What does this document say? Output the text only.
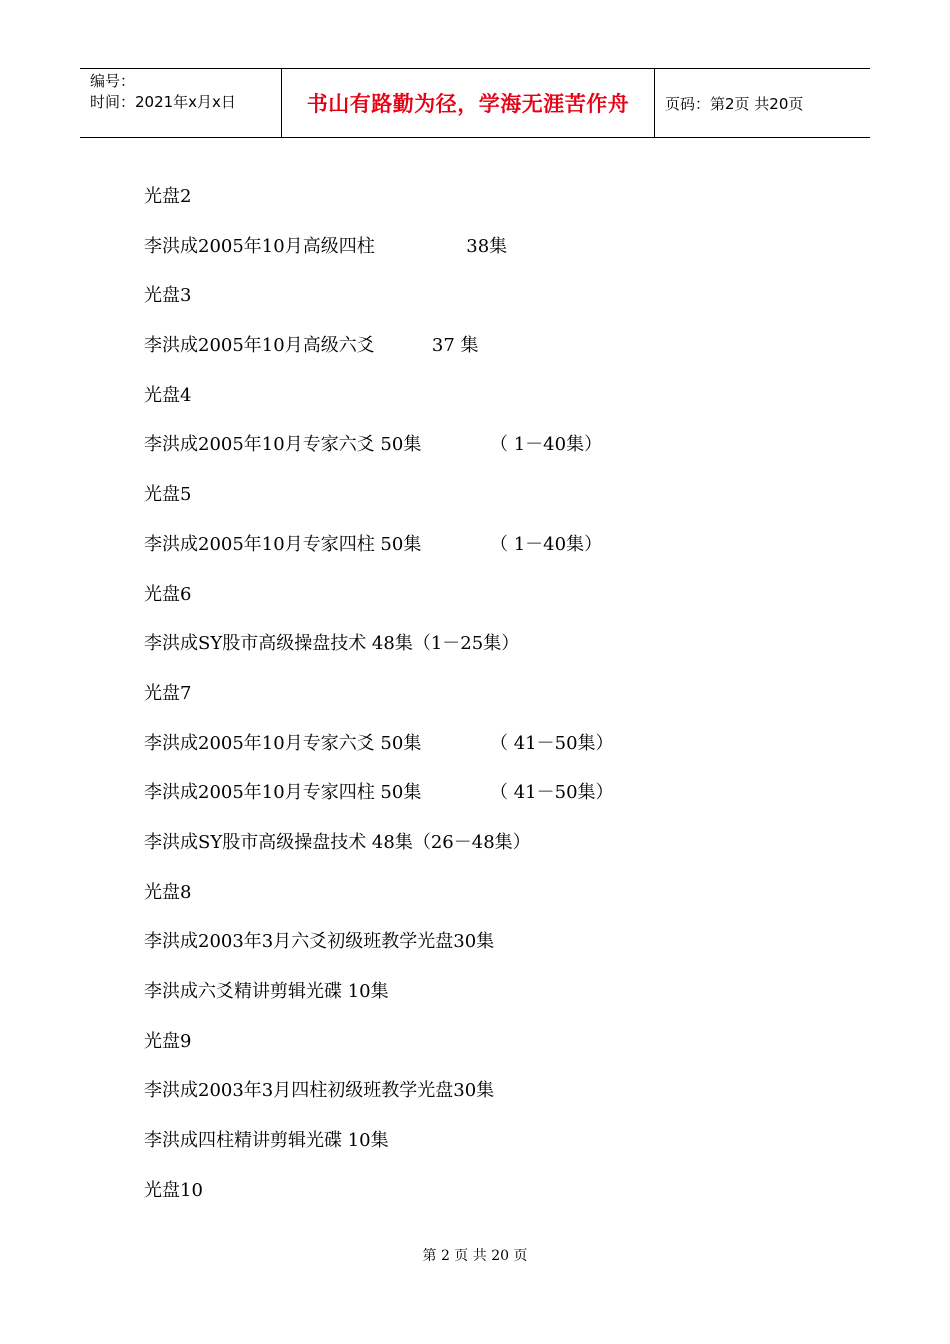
编号：
时间：2021年x月x日	书山有路勤为径，学海无涯苦作舟 页码：第2页 共20页
光盘2
李洪成2005年10月高级四柱                38集
光盘3
李洪成2005年10月高级六爻          37 集
光盘4
李洪成2005年10月专家六爻 50集            （ 1－40集）
光盘5
李洪成2005年10月专家四柱 50集            （ 1－40集）
光盘6
李洪成SY股市高级操盘技术 48集（1－25集）
光盘7
李洪成2005年10月专家六爻 50集            （ 41－50集）
李洪成2005年10月专家四柱 50集            （ 41－50集）
李洪成SY股市高级操盘技术 48集（26－48集）
光盘8
李洪成2003年3月六爻初级班教学光盘30集
李洪成六爻精讲剪辑光碟 10集
光盘9
李洪成2003年3月四柱初级班教学光盘30集
李洪成四柱精讲剪辑光碟 10集
光盘10
第 2 页 共 20 页
